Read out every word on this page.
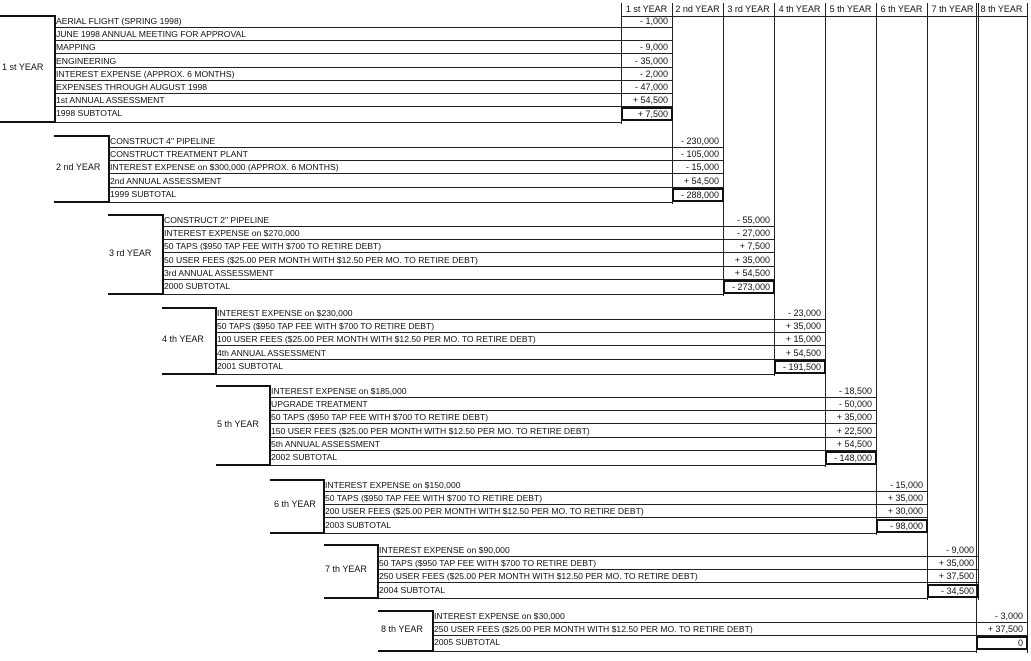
1 st YEAR 2 nd YEAR 3 rd YEAR 4 th YEAR	5 th YEAR	6 th YEAR	7 th YEAR 8 th YEAR
1 st YEAR
AERIAL FLIGHT (SPRING 1998)	- 1,000
JUNE 1998 ANNUAL MEETING FOR APPROVAL
MAPPING	- 9,000
ENGINEERING	- 35,000
INTEREST EXPENSE (APPROX. 6 MONTHS)	- 2,000
EXPENSES THROUGH AUGUST 1998	- 47,000
1st ANNUAL ASSESSMENT	+ 54,500
1998 SUBTOTAL	+ 7,500
2 nd YEAR
CONSTRUCT 4" PIPELINE	- 230,000
CONSTRUCT TREATMENT PLANT	- 105,000
INTEREST EXPENSE on $300,000 (APPROX. 6 MONTHS)	- 15,000
2nd ANNUAL ASSESSMENT	+ 54,500
1999 SUBTOTAL	- 288,000
3 rd YEAR
CONSTRUCT 2" PIPELINE	- 55,000
INTEREST EXPENSE on $270,000	- 27,000
50 TAPS ($950 TAP FEE WITH $700 TO RETIRE DEBT)	+ 7,500
50 USER FEES ($25.00 PER MONTH WITH $12.50 PER MO. TO RETIRE DEBT)	+ 35,000
3rd ANNUAL ASSESSMENT	+ 54,500
2000 SUBTOTAL	- 273,000
4 th YEAR
INTEREST EXPENSE on $230,000	- 23,000
50 TAPS ($950 TAP FEE WITH $700 TO RETIRE DEBT)	+ 35,000
100 USER FEES ($25.00 PER MONTH WITH $12.50 PER MO. TO RETIRE DEBT)	+ 15,000
4th ANNUAL ASSESSMENT	+ 54,500
2001 SUBTOTAL	- 191,500
5 th YEAR
INTEREST EXPENSE on $185,000	- 18,500
UPGRADE TREATMENT	- 50,000
50 TAPS ($950 TAP FEE WITH $700 TO RETIRE DEBT)	+ 35,000
150 USER FEES ($25.00 PER MONTH WITH $12.50 PER MO. TO RETIRE DEBT)	+ 22,500
5th ANNUAL ASSESSMENT	+ 54,500
2002 SUBTOTAL	- 148,000
6 th YEAR
INTEREST EXPENSE on $150,000	- 15,000
50 TAPS ($950 TAP FEE WITH $700 TO RETIRE DEBT)	+ 35,000
200 USER FEES ($25.00 PER MONTH WITH $12.50 PER MO. TO RETIRE DEBT)	+ 30,000
2003 SUBTOTAL	- 98,000
7 th YEAR
INTEREST EXPENSE on $90,000	- 9,000
50 TAPS ($950 TAP FEE WITH $700 TO RETIRE DEBT)	+ 35,000
250 USER FEES ($25.00 PER MONTH WITH $12.50 PER MO. TO RETIRE DEBT)	+ 37,500
2004 SUBTOTAL	- 34,500
8 th YEAR
INTEREST EXPENSE on $30,000	- 3,000
250 USER FEES ($25.00 PER MONTH WITH $12.50 PER MO. TO RETIRE DEBT)	+ 37,500
2005 SUBTOTAL	0
